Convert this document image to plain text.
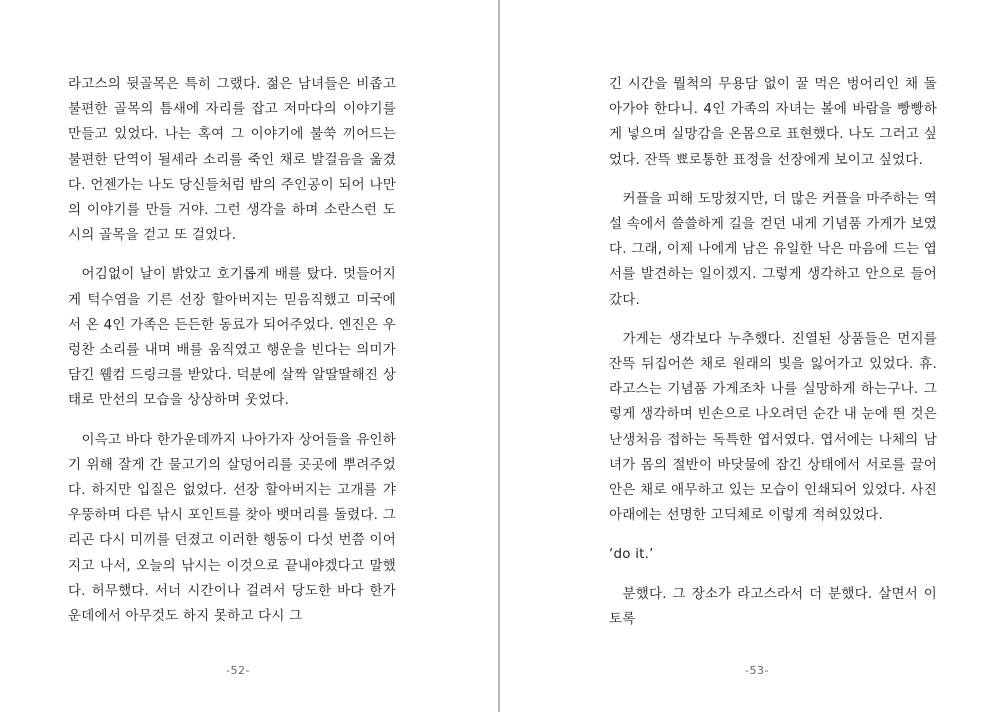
라고스의 뒷골목은 특히 그랬다. 젊은 남녀들은 비좁고 불편한 골목의 틈새에 자리를 잡고 저마다의 이야기를 만들고 있었다. 나는 혹여 그 이야기에 불쑥 끼어드는 불편한 단역이 될세라 소리를 죽인 채로 발걸음을 옮겼다. 언젠가는 나도 당신들처럼 밤의 주인공이 되어 나만의 이야기를 만들 거야. 그런 생각을 하며 소란스런 도시의 골목을 걷고 또 걸었다.

어김없이 날이 밝았고 호기롭게 배를 탔다. 멋들어지게 턱수염을 기른 선장 할아버지는 믿음직했고 미국에서 온 4인 가족은 든든한 동료가 되어주었다. 엔진은 우렁찬 소리를 내며 배를 움직였고 행운을 빈다는 의미가 담긴 웰컴 드링크를 받았다. 덕분에 살짝 알딸딸해진 상태로 만선의 모습을 상상하며 웃었다.

이윽고 바다 한가운데까지 나아가자 상어들을 유인하기 위해 잘게 간 물고기의 살덩어리를 곳곳에 뿌려주었다. 하지만 입질은 없었다. 선장 할아버지는 고개를 갸우뚱하며 다른 낚시 포인트를 찾아 뱃머리를 돌렸다. 그리곤 다시 미끼를 던졌고 이러한 행동이 다섯 번쯤 이어지고 나서, 오늘의 낚시는 이것으로 끝내야겠다고 말했다. 허무했다. 서너 시간이나 걸려서 당도한 바다 한가운데에서 아무것도 하지 못하고 다시 그

-52-

긴 시간을 뭘척의 무용담 없이 꿀 먹은 벙어리인 채 돌아가야 한다니. 4인 가족의 자녀는 볼에 바람을 빵빵하게 넣으며 실망감을 온몸으로 표현했다. 나도 그러고 싶었다. 잔뜩 뾰로통한 표정을 선장에게 보이고 싶었다.

커플을 피해 도망쳤지만, 더 많은 커플을 마주하는 역설 속에서 쓸쓸하게 길을 걷던 내게 기념품 가게가 보였다. 그래, 이제 나에게 남은 유일한 낙은 마음에 드는 엽서를 발견하는 일이겠지. 그렇게 생각하고 안으로 들어갔다.

가게는 생각보다 누추했다. 진열된 상품들은 먼지를 잔뜩 뒤집어쓴 채로 원래의 빛을 잃어가고 있었다. 휴. 라고스는 기념품 가게조차 나를 실망하게 하는구나. 그렇게 생각하며 빈손으로 나오려던 순간 내 눈에 띈 것은 난생처음 접하는 독특한 엽서였다. 엽서에는 나체의 남녀가 몸의 절반이 바닷물에 잠긴 상태에서 서로를 끌어안은 채로 애무하고 있는 모습이 인쇄되어 있었다. 사진 아래에는 선명한 고딕체로 이렇게 적혀있었다.

‘do it.’

분했다. 그 장소가 라고스라서 더 분했다. 살면서 이토록

-53-
